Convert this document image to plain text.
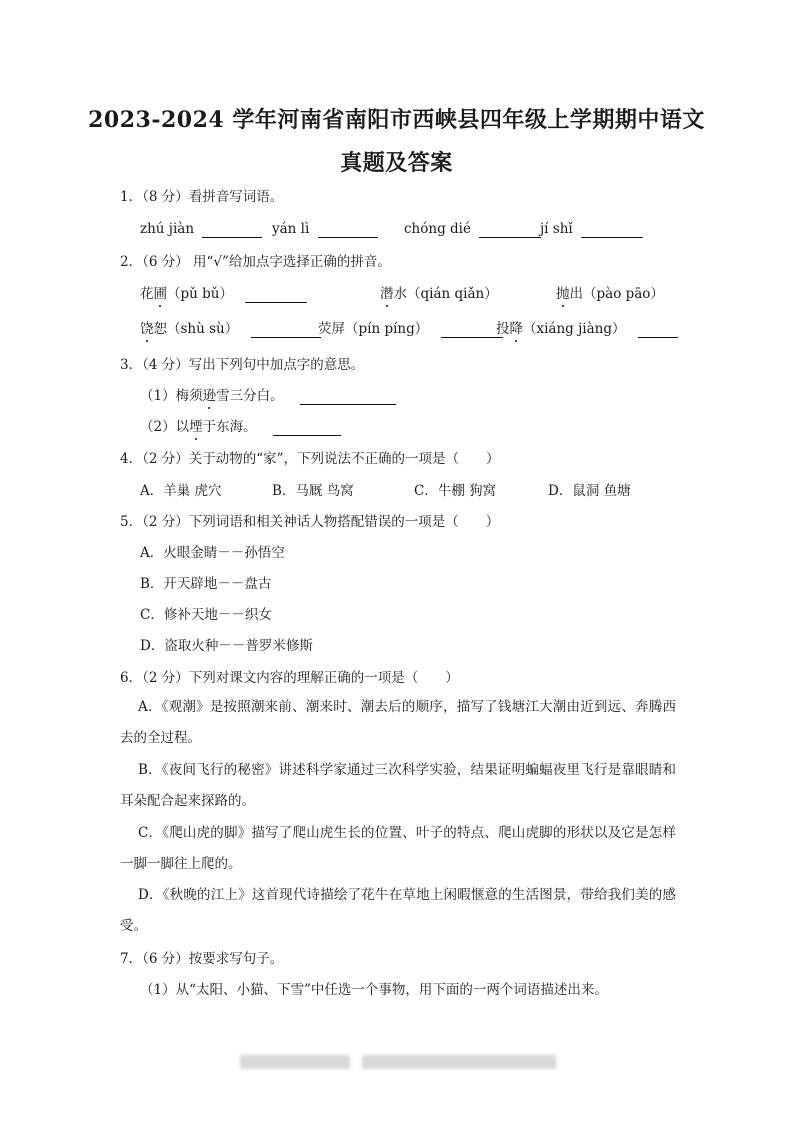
2023-2024 学年河南省南阳市西峡县四年级上学期期中语文
真题及答案
1．（8 分）看拼音写词语。
zhú jiàn	yán lì	chóng dié	jí shǐ
2．（6 分） 用“√”给加点字选择正确的拼音。
花圃（pǔ bǔ）	潜水（qián qiǎn）	抛出（pào pāo）
饶恕（shù sù）	荧屏（pín píng）	投降（xiáng jiàng）
3．（4 分）写出下列句中加点字的意思。
（1）梅须逊雪三分白。
（2）以堙于东海。
4．（2 分）关于动物的“家”，下列说法不正确的一项是（　　）
A．羊巢 虎穴	B．马厩 鸟窝	C．牛棚 狗窝	D．鼠洞 鱼塘
5．（2 分）下列词语和相关神话人物搭配错误的一项是（　　）
A．火眼金睛－－孙悟空
B．开天辟地－－盘古
C．修补天地－－织女
D．盗取火种－－普罗米修斯
6．（2 分）下列对课文内容的理解正确的一项是（　　）
A．《观潮》是按照潮来前、潮来时、潮去后的顺序，描写了钱塘江大潮由近到远、奔腾西去的全过程。
B．《夜间飞行的秘密》讲述科学家通过三次科学实验，结果证明蝙蝠夜里飞行是靠眼睛和耳朵配合起来探路的。
C．《爬山虎的脚》描写了爬山虎生长的位置、叶子的特点、爬山虎脚的形状以及它是怎样一脚一脚往上爬的。
D．《秋晚的江上》这首现代诗描绘了花牛在草地上闲暇惬意的生活图景，带给我们美的感受。
7．（6 分）按要求写句子。
（1）从“太阳、小猫、下雪”中任选一个事物，用下面的一两个词语描述出来。
